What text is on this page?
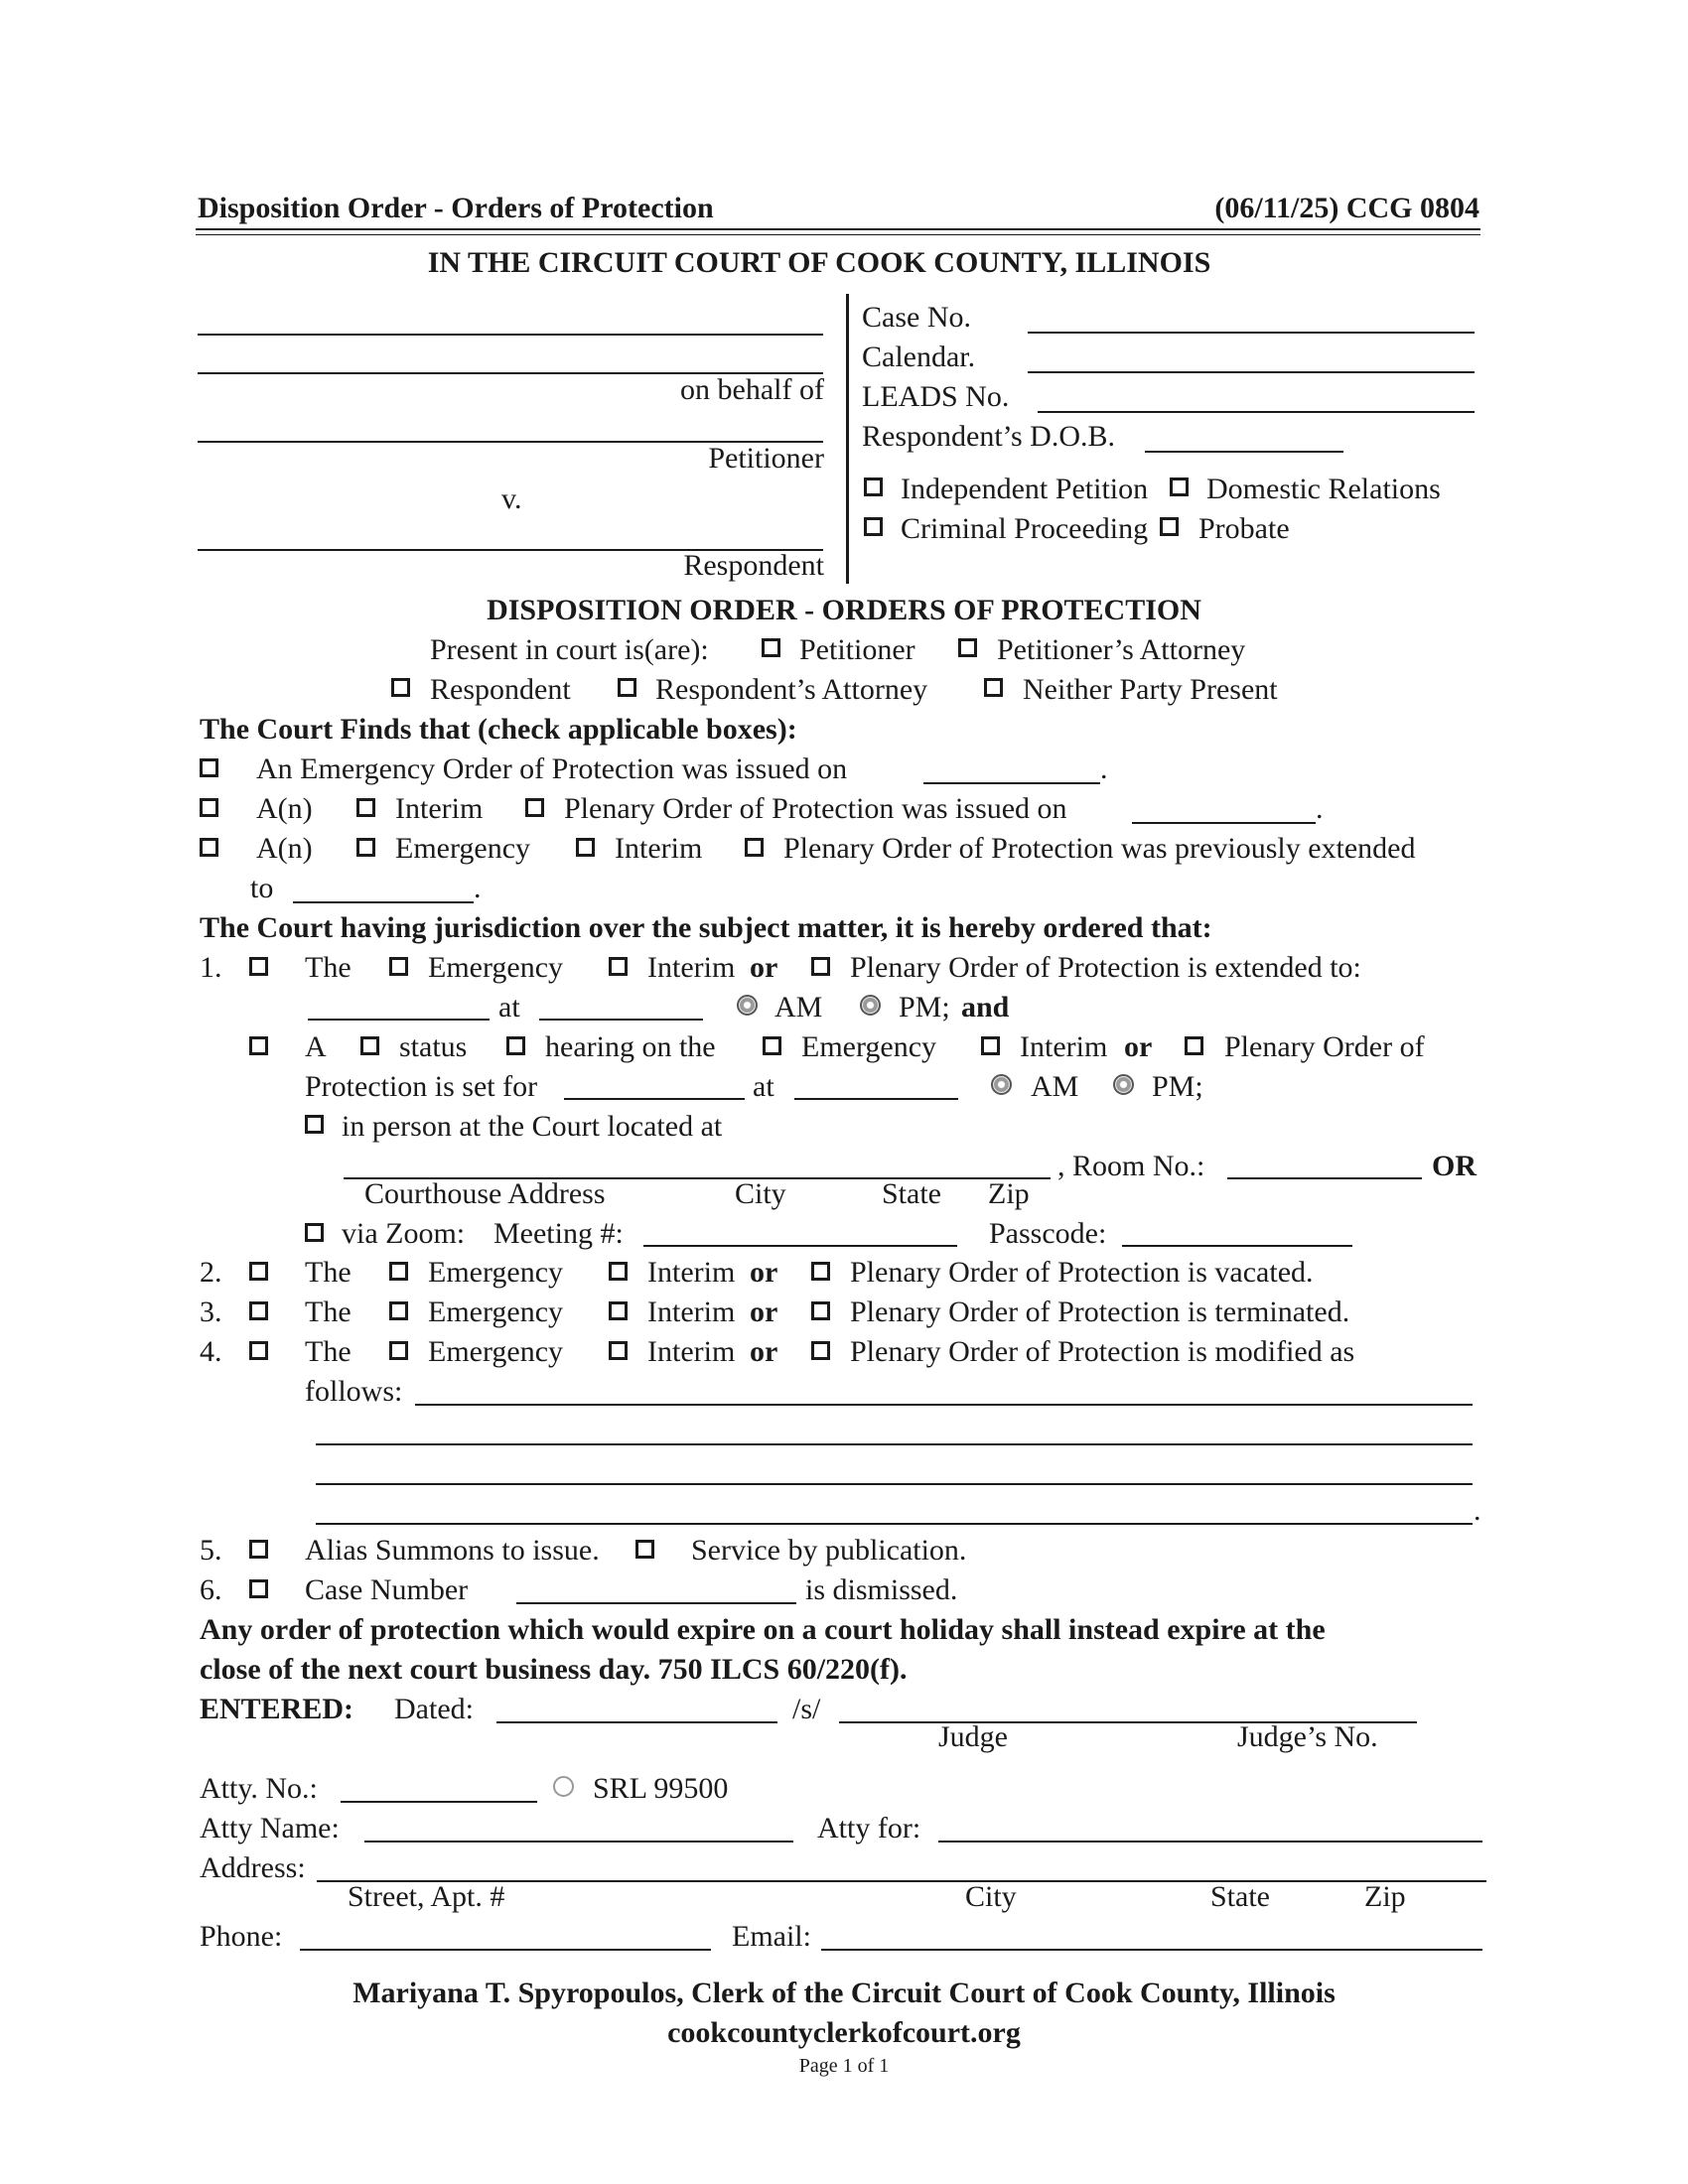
Disposition Order - Orders of Protection	(06/11/25) CCG 0804
IN THE CIRCUIT COURT OF COOK COUNTY, ILLINOIS
on behalf of
Petitioner
v.
Respondent
Case No.
Calendar.
LEADS No.
Respondent’s D.O.B.
Independent Petition Domestic Relations
Criminal Proceeding Probate
DISPOSITION ORDER - ORDERS OF PROTECTION
Present in court is(are):	Petitioner	Petitioner’s Attorney
Respondent	Respondent’s Attorney	Neither Party Present
The Court Finds that (check applicable boxes):
An Emergency Order of Protection was issued on	.
A(n)	Interim	Plenary Order of Protection was issued on	.
A(n)	Emergency	Interim	Plenary Order of Protection was previously extended
to	.
The Court having jurisdiction over the subject matter, it is hereby ordered that:
1.	The	Emergency	Interim or Plenary Order of Protection is extended to:
at	AM	PM; and
A status	hearing on the	Emergency	Interim or Plenary Order of
Protection is set for	at	AM PM;
in person at the Court located at
, Room No.:	OR
Courthouse Address	City	State Zip
via Zoom: Meeting #:	Passcode:
2.	The	Emergency	Interim or Plenary Order of Protection is vacated.
3.	The	Emergency	Interim or Plenary Order of Protection is terminated.
4.	The	Emergency	Interim or Plenary Order of Protection is modified as
follows:
.
5.	Alias Summons to issue.	Service by publication.
6.	Case Number	is dismissed.
Any order of protection which would expire on a court holiday shall instead expire at the
close of the next court business day. 750 ILCS 60/220(f).
ENTERED: Dated:	/s/
Judge	Judge’s No.
Atty. No.:	SRL 99500
Atty Name:	Atty for:
Address:
Street, Apt. #	City	State	Zip
Phone:	Email:
Mariyana T. Spyropoulos, Clerk of the Circuit Court of Cook County, Illinois
cookcountyclerkofcourt.org
Page 1 of 1
